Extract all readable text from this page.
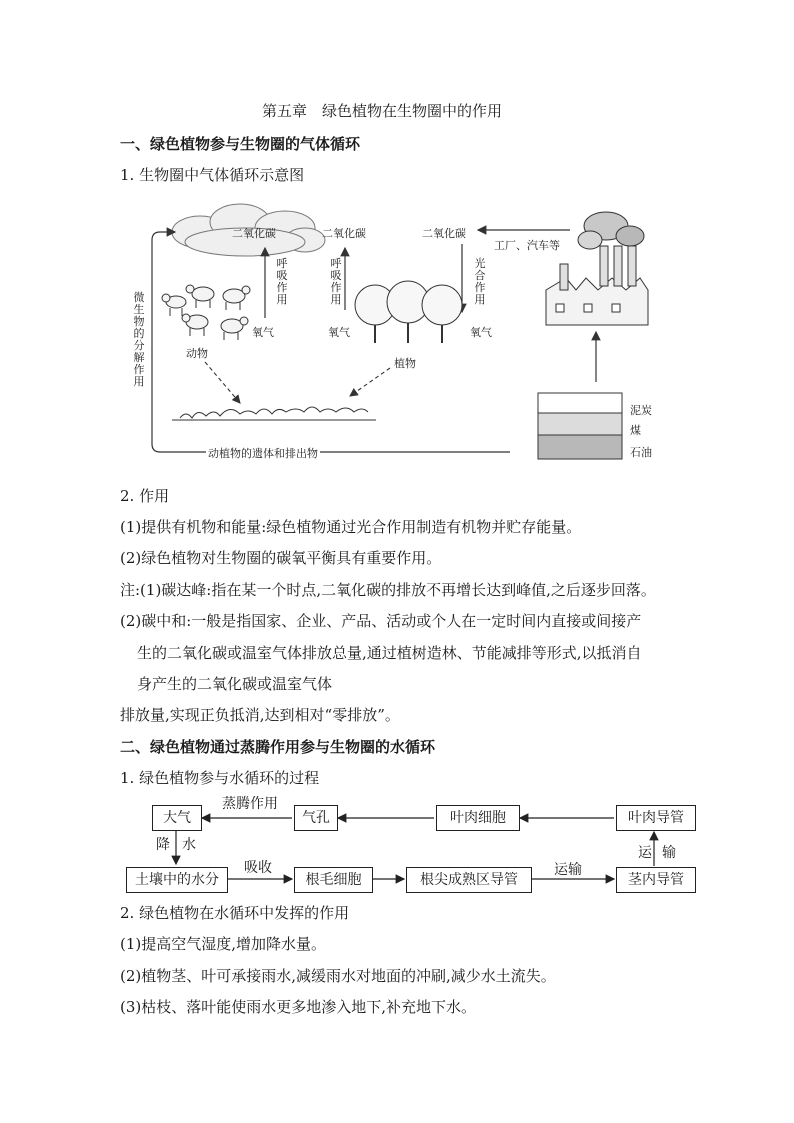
第五章　绿色植物在生物圈中的作用
一、绿色植物参与生物圈的气体循环
1. 生物圈中气体循环示意图
二氧化碳	二氧化碳	二氧化碳
工厂、汽车等
呼吸作用
呼吸作用
光合作用
微生物的分解作用
氧气	氧气	氧气
动物
植物
动植物的遗体和排出物
泥炭
煤
石油
2. 作用
(1)提供有机物和能量:绿色植物通过光合作用制造有机物并贮存能量。
(2)绿色植物对生物圈的碳氧平衡具有重要作用。
注:(1)碳达峰:指在某一个时点,二氧化碳的排放不再增长达到峰值,之后逐步回落。
(2)碳中和:一般是指国家、企业、产品、活动或个人在一定时间内直接或间接产
生的二氧化碳或温室气体排放总量,通过植树造林、节能减排等形式,以抵消自
身产生的二氧化碳或温室气体
排放量,实现正负抵消,达到相对“零排放”。
二、绿色植物通过蒸腾作用参与生物圈的水循环
1. 绿色植物参与水循环的过程
大气	气孔	叶肉细胞	叶肉导管
土壤中的水分	根毛细胞	根尖成熟区导管	茎内导管
蒸腾作用
降 水
吸收	运输
运 输
2. 绿色植物在水循环中发挥的作用
(1)提高空气湿度,增加降水量。
(2)植物茎、叶可承接雨水,减缓雨水对地面的冲刷,减少水土流失。
(3)枯枝、落叶能使雨水更多地渗入地下,补充地下水。
